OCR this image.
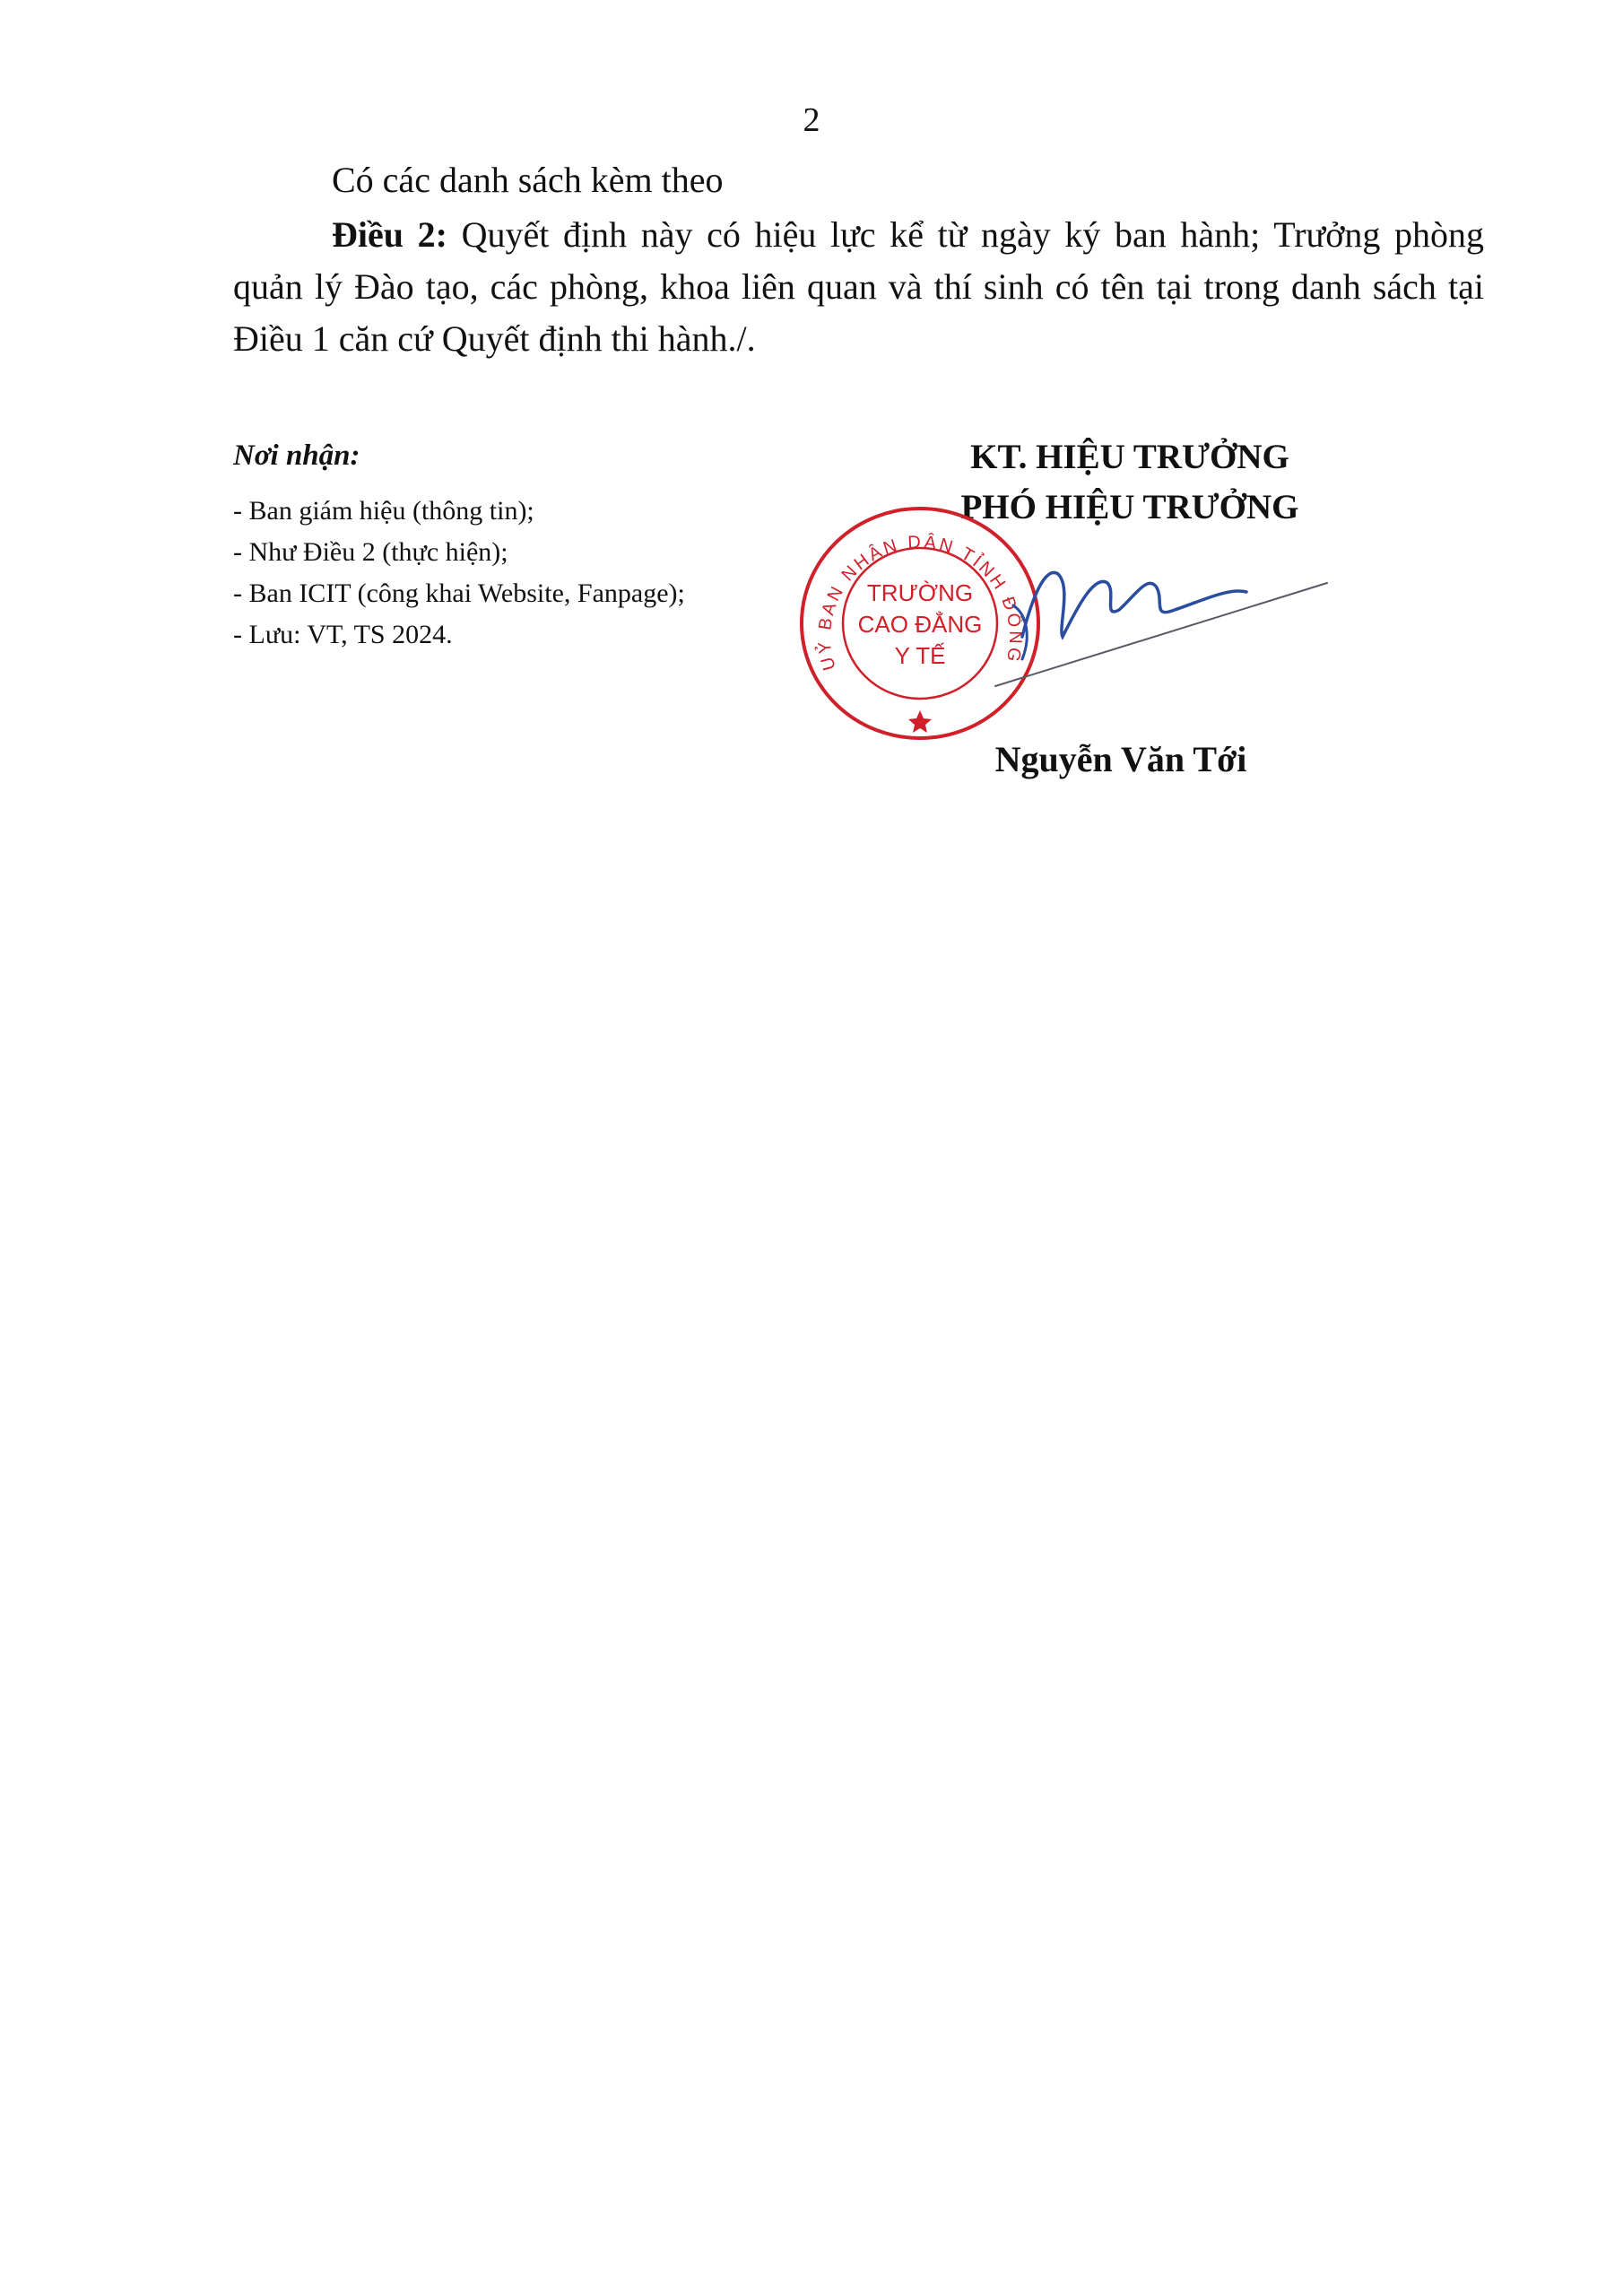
2
Có các danh sách kèm theo
Điều 2: Quyết định này có hiệu lực kể từ ngày ký ban hành; Trưởng phòng quản lý Đào tạo, các phòng, khoa liên quan và thí sinh có tên tại trong danh sách tại Điều 1 căn cứ Quyết định thi hành./.
Nơi nhận:
- Ban giám hiệu (thông tin);
- Như Điều 2 (thực hiện);
- Ban ICIT (công khai Website, Fanpage);
- Lưu: VT, TS 2024.
KT. HIỆU TRƯỞNG
PHÓ HIỆU TRƯỞNG
UỶ BAN NHÂN DÂN TỈNH ĐỒNG
TRƯỜNG
CAO ĐẲNG
Y TẾ
Nguyễn Văn Tới
